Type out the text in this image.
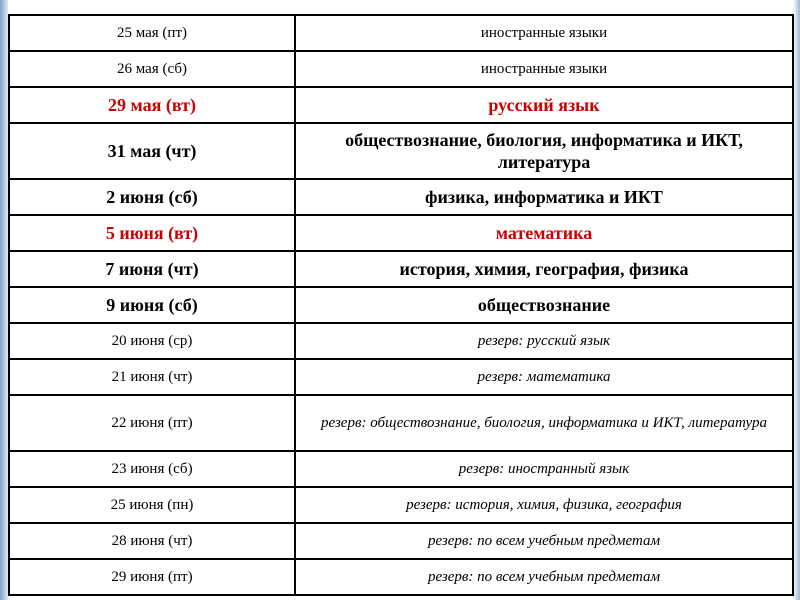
25 мая (пт)	иностранные языки
26 мая (сб)	иностранные языки
29 мая (вт)	русский язык
31 мая (чт)	обществознание, биология, информатика и ИКТ, литература
2 июня (сб)	физика, информатика и ИКТ
5 июня (вт)	математика
7 июня (чт)	история, химия, география, физика
9 июня (сб)	обществознание
20 июня (ср)	резерв: русский язык
21 июня (чт)	резерв: математика
22 июня (пт)	резерв: обществознание, биология, информатика и ИКТ, литература
23 июня (сб)	резерв: иностранный язык
25 июня (пн)	резерв: история, химия, физика, география
28 июня (чт)	резерв: по всем учебным предметам
29 июня (пт)	резерв: по всем учебным предметам
